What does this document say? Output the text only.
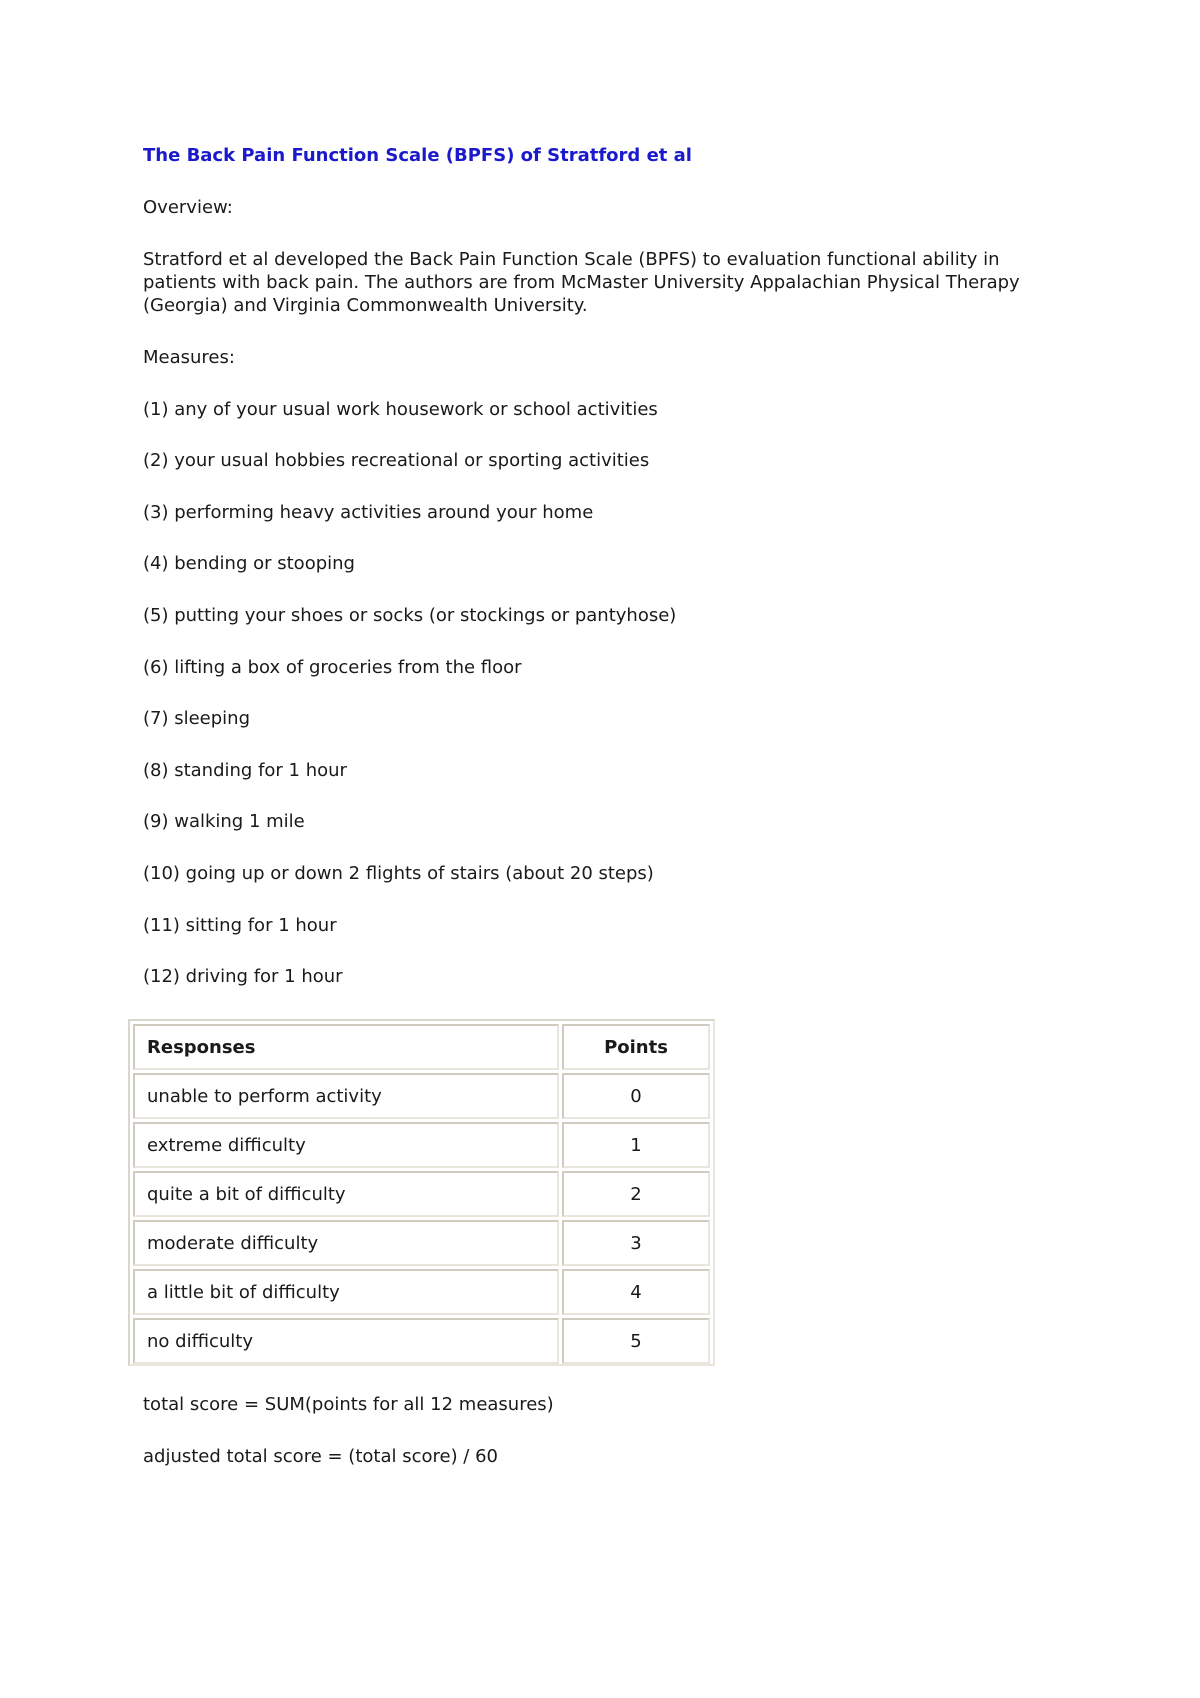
The Back Pain Function Scale (BPFS) of Stratford et al

Overview:

Stratford et al developed the Back Pain Function Scale (BPFS) to evaluation functional ability in patients with back pain. The authors are from McMaster University Appalachian Physical Therapy (Georgia) and Virginia Commonwealth University.

Measures:

(1) any of your usual work housework or school activities
(2) your usual hobbies recreational or sporting activities
(3) performing heavy activities around your home
(4) bending or stooping
(5) putting your shoes or socks (or stockings or pantyhose)
(6) lifting a box of groceries from the floor
(7) sleeping
(8) standing for 1 hour
(9) walking 1 mile
(10) going up or down 2 flights of stairs (about 20 steps)
(11) sitting for 1 hour
(12) driving for 1 hour
Responses	Points
unable to perform activity	0
extreme difficulty	1
quite a bit of difficulty	2
moderate difficulty	3
a little bit of difficulty	4
no difficulty	5

total score = SUM(points for all 12 measures)

adjusted total score = (total score) / 60
